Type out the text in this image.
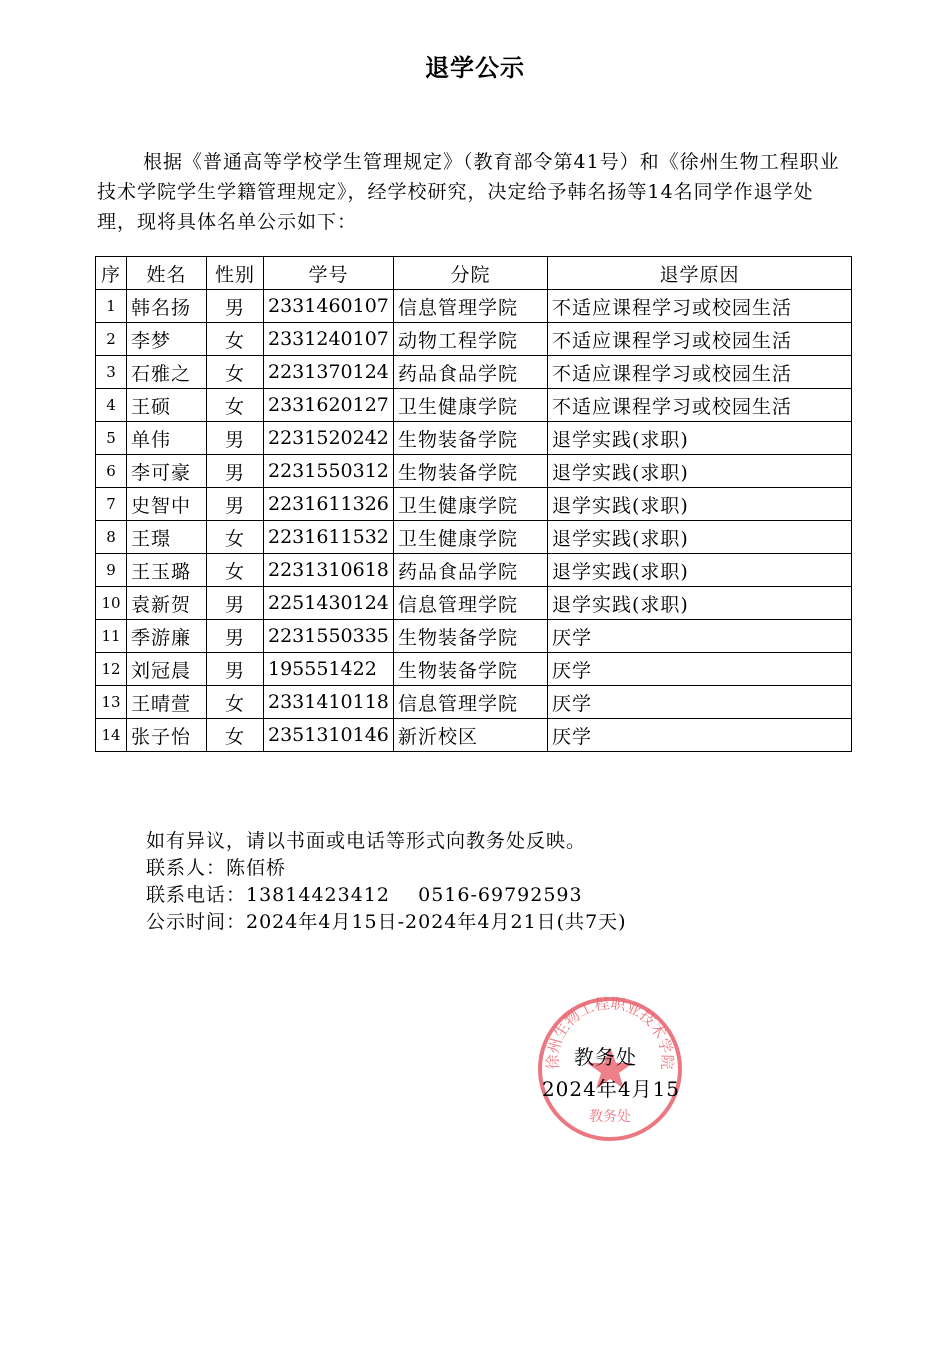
退学公示

根据《普通高等学校学生管理规定》（教育部令第41号）和《徐州生物工程职业技术学院学生学籍管理规定》，经学校研究，决定给予韩名扬等14名同学作退学处理，现将具体名单公示如下：

序	姓名	性别	学号	分院	退学原因
1	韩名扬	男	2331460107	信息管理学院	不适应课程学习或校园生活
2	李梦	女	2331240107	动物工程学院	不适应课程学习或校园生活
3	石雅之	女	2231370124	药品食品学院	不适应课程学习或校园生活
4	王硕	女	2331620127	卫生健康学院	不适应课程学习或校园生活
5	单伟	男	2231520242	生物装备学院	退学实践(求职)
6	李可豪	男	2231550312	生物装备学院	退学实践(求职)
7	史智中	男	2231611326	卫生健康学院	退学实践(求职)
8	王璟	女	2231611532	卫生健康学院	退学实践(求职)
9	王玉璐	女	2231310618	药品食品学院	退学实践(求职)
10	袁新贺	男	2251430124	信息管理学院	退学实践(求职)
11	季游廉	男	2231550335	生物装备学院	厌学
12	刘冠晨	男	195551422	生物装备学院	厌学
13	王晴萱	女	2331410118	信息管理学院	厌学
14	张子怡	女	2351310146	新沂校区	厌学
如有异议，请以书面或电话等形式向教务处反映。
联系人：陈佰桥
联系电话：13814423412    0516-69792593
公示时间：2024年4月15日-2024年4月21日(共7天)
徐州生物工程职业技术学院
教务处
教务处
2024年4月15
